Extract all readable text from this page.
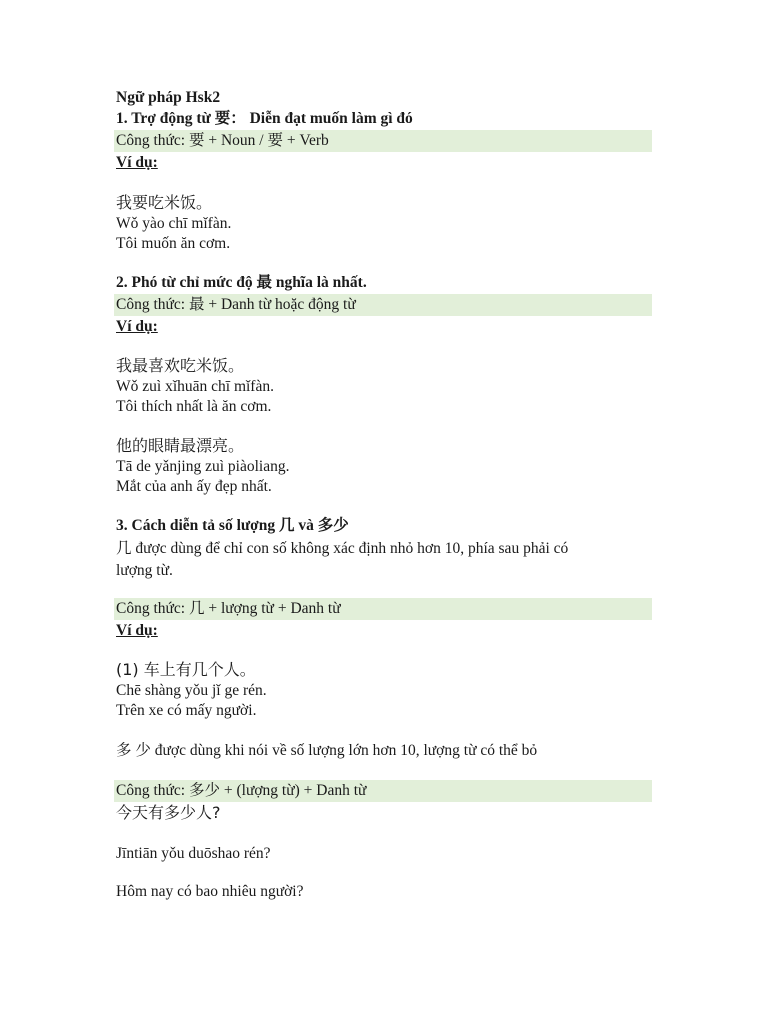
Ngữ pháp Hsk2
1. Trợ động từ 要： Diễn đạt muốn làm gì đó
Công thức: 要 + Noun / 要 + Verb
Ví dụ:
我要吃米饭。
Wǒ yào chī mǐfàn.
Tôi muốn ăn cơm.
2. Phó từ chỉ mức độ 最 nghĩa là nhất.
Công thức: 最 + Danh từ hoặc động từ
Ví dụ:
我最喜欢吃米饭。
Wǒ zuì xǐhuān chī mǐfàn.
Tôi thích nhất là ăn cơm.
他的眼睛最漂亮。
Tā de yǎnjing zuì piàoliang.
Mắt của anh ấy đẹp nhất.
3. Cách diễn tả số lượng 几 và 多少
几 được dùng để chỉ con số không xác định nhỏ hơn 10, phía sau phải có
lượng từ.
Công thức: 几 + lượng từ + Danh từ
Ví dụ:
(1) 车上有几个人。
Chē shàng yǒu jǐ ge rén.
Trên xe có mấy người.
多 少 được dùng khi nói về số lượng lớn hơn 10, lượng từ có thể bỏ
Công thức: 多少 + (lượng từ) + Danh từ
今天有多少人?
Jīntiān yǒu duōshao rén?
Hôm nay có bao nhiêu người?
